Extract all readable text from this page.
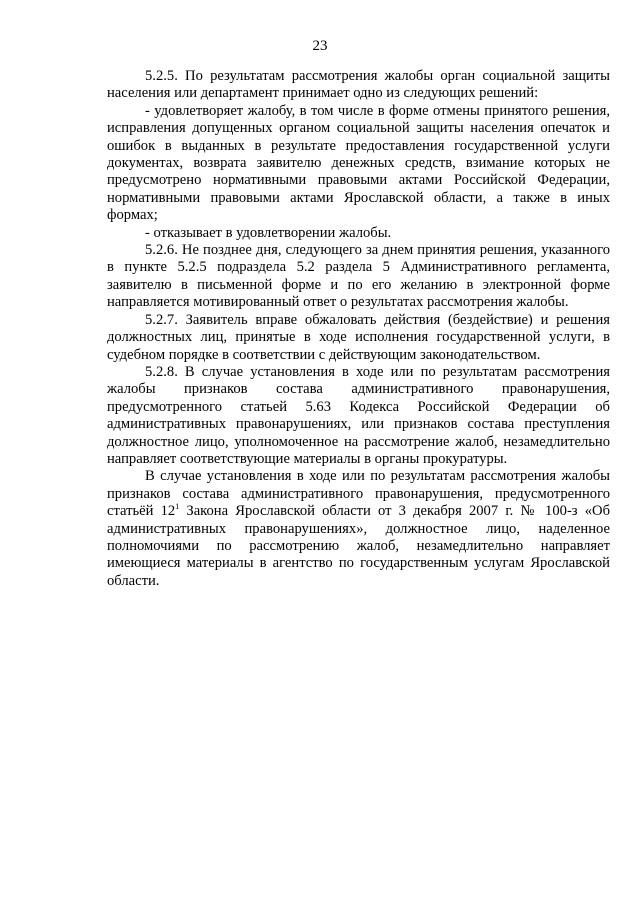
23

5.2.5. По результатам рассмотрения жалобы орган социальной защиты населения или департамент принимает одно из следующих решений:

- удовлетворяет жалобу, в том числе в форме отмены принятого решения, исправления допущенных органом социальной защиты населения опечаток и ошибок в выданных в результате предоставления государственной услуги документах, возврата заявителю денежных средств, взимание которых не предусмотрено нормативными правовыми актами Российской Федерации, нормативными правовыми актами Ярославской области, а также в иных формах;

- отказывает в удовлетворении жалобы.

5.2.6. Не позднее дня, следующего за днем принятия решения, указанного в пункте 5.2.5 подраздела 5.2 раздела 5 Административного регламента, заявителю в письменной форме и по его желанию в электронной форме направляется мотивированный ответ о результатах рассмотрения жалобы.

5.2.7. Заявитель вправе обжаловать действия (бездействие) и решения должностных лиц, принятые в ходе исполнения государственной услуги, в судебном порядке в соответствии с действующим законодательством.

5.2.8. В случае установления в ходе или по результатам рассмотрения жалобы признаков состава административного правонарушения, предусмотренного статьей 5.63 Кодекса Российской Федерации об административных правонарушениях, или признаков состава преступления должностное лицо, уполномоченное на рассмотрение жалоб, незамедлительно направляет соответствующие материалы в органы прокуратуры.

В случае установления в ходе или по результатам рассмотрения жалобы признаков состава административного правонарушения, предусмотренного статьёй $12^1$ Закона Ярославской области от 3 декабря 2007 г. № 100-з «Об административных правонарушениях», должностное лицо, наделенное полномочиями по рассмотрению жалоб, незамедлительно направляет имеющиеся материалы в агентство по государственным услугам Ярославской области.
